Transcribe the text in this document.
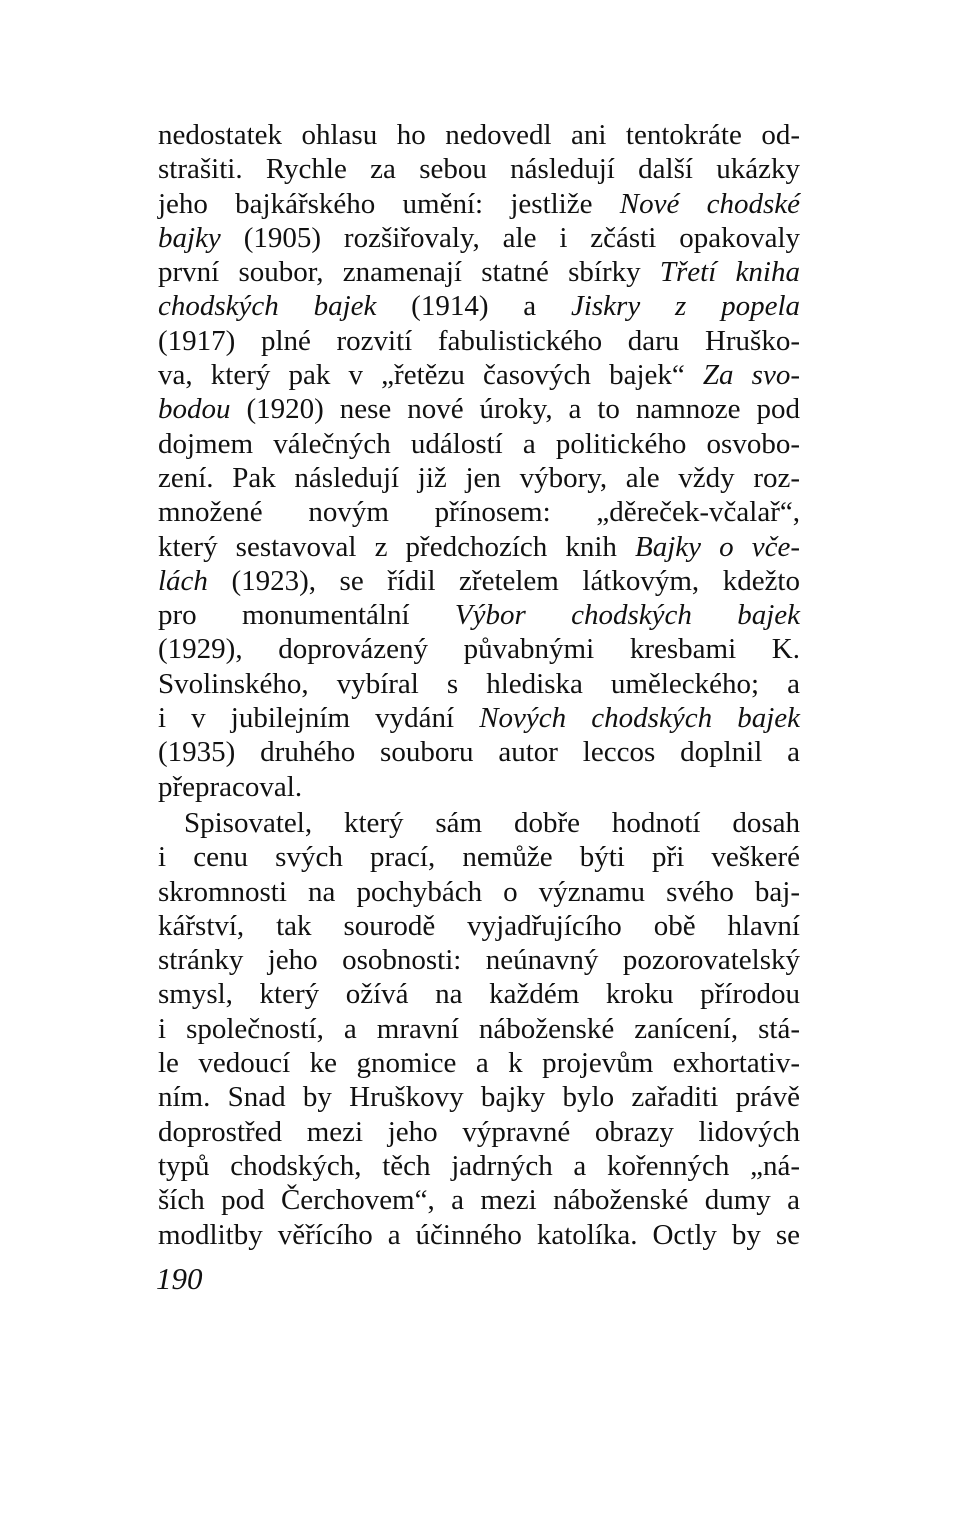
nedostatek ohlasu ho nedovedl ani tentokráte od-
strašiti. Rychle za sebou následují další ukázky
jeho bajkářského umění: jestliže Nové chodské
bajky (1905) rozšiřovaly, ale i zčásti opakovaly
první soubor, znamenají statné sbírky Třetí kniha
chodských bajek (1914) a Jiskry z popela
(1917) plné rozvití fabulistického daru Hruško-
va, který pak v „řetězu časových bajek“ Za svo-
bodou (1920) nese nové úroky, a to namnoze pod
dojmem válečných událostí a politického osvobo-
zení. Pak následují již jen výbory, ale vždy roz-
množené novým přínosem: „děreček-včalař“,
který sestavoval z předchozích knih Bajky o vče-
lách (1923), se řídil zřetelem látkovým, kdežto
pro monumentální Výbor chodských bajek
(1929), doprovázený půvabnými kresbami K.
Svolinského, vybíral s hlediska uměleckého; a
i v jubilejním vydání Nových chodských bajek
(1935) druhého souboru autor leccos doplnil a
přepracoval.
Spisovatel, který sám dobře hodnotí dosah
i cenu svých prací, nemůže býti při veškeré
skromnosti na pochybách o významu svého baj-
kářství, tak sourodě vyjadřujícího obě hlavní
stránky jeho osobnosti: neúnavný pozorovatelský
smysl, který ožívá na každém kroku přírodou
i společností, a mravní náboženské zanícení, stá-
le vedoucí ke gnomice a k projevům exhortativ-
ním. Snad by Hruškovy bajky bylo zařaditi právě
doprostřed mezi jeho výpravné obrazy lidových
typů chodských, těch jadrných a kořenných „ná-
ších pod Čerchovem“, a mezi náboženské dumy a
modlitby věřícího a účinného katolíka. Octly by se
190
